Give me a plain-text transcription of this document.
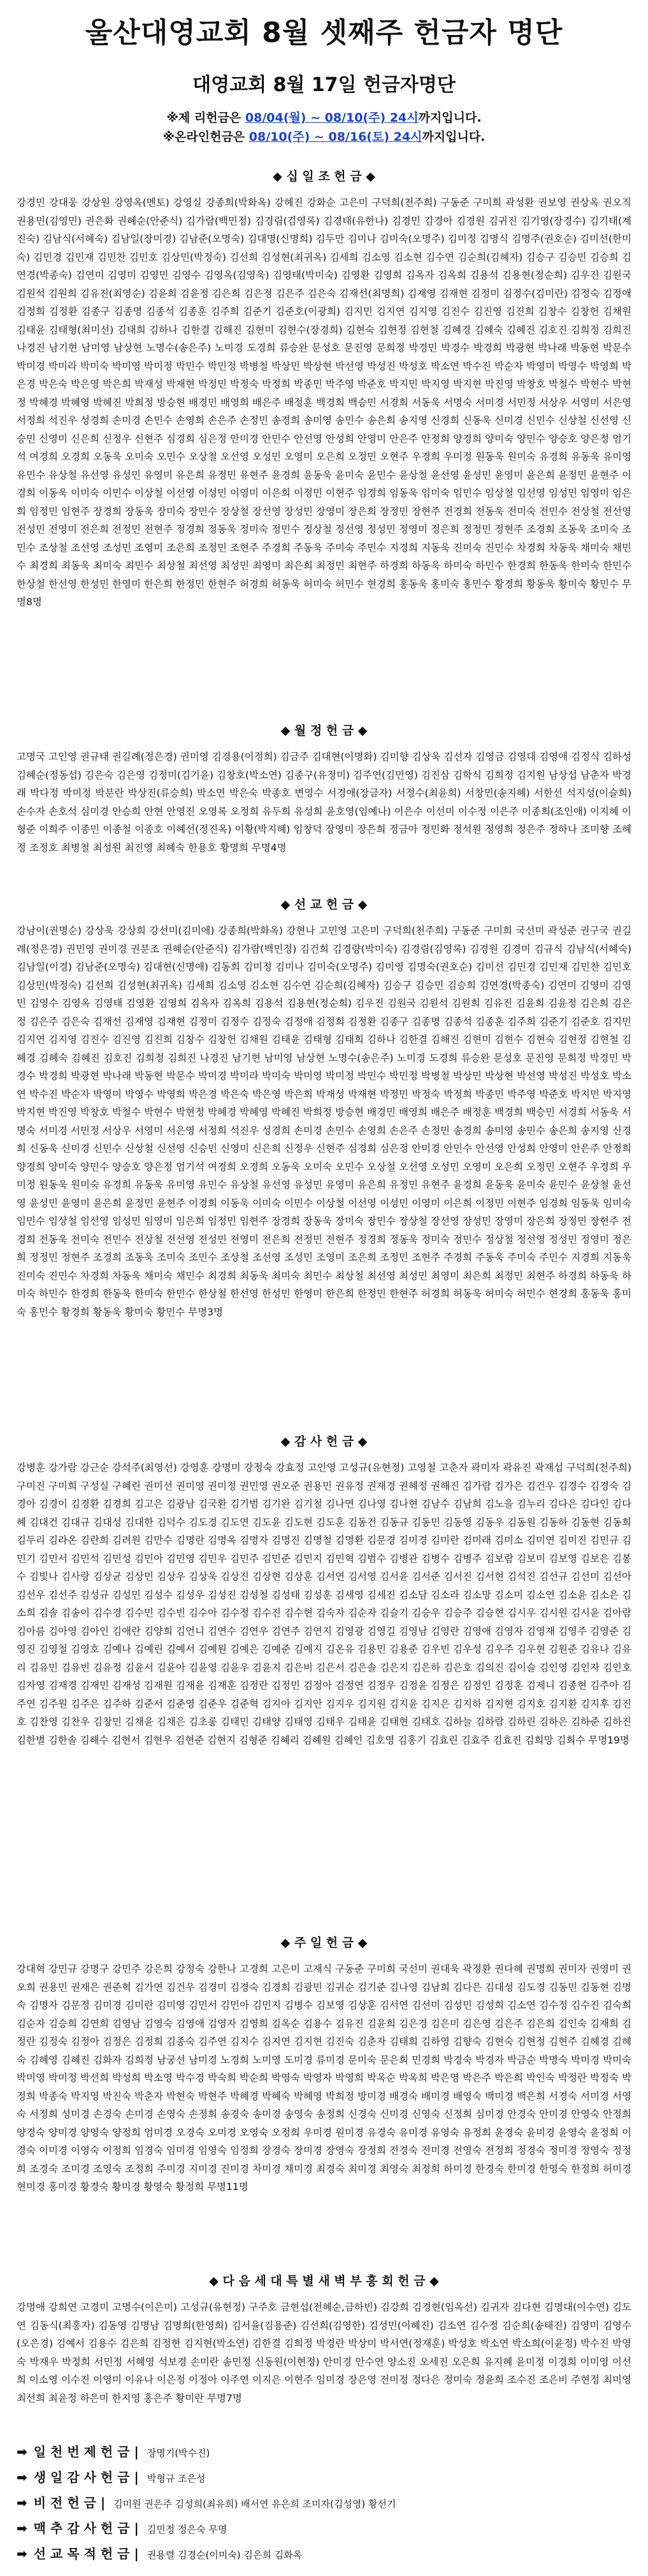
울산대영교회 8월 셋째주 헌금자 명단
대영교회 8월 17일 헌금자명단
※제 리헌금은 08/04(월) ~ 08/10(주) 24시까지입니다.
※온라인헌금은 08/10(주) ~ 08/16(토) 24시까지입니다.
◆ 십 일 조 헌 금 ◆
강경민 강대웅 강상원 강영옥(멘토) 강영실 강종희(박화옥) 강혜진 강화순 고은미 구덕희(천주희) 구동준 구미희 곽성환 권보영 권상옥 권오직 권용민(김영민) 권은화 권혜순(안준식) 김가람(백민정) 김경림(김영록) 김경태(유한나) 김경민 김경아 김경원 김귀진 김기영(장경수) 김기태(계진숙) 김남식(서혜숙) 김남일(장미경) 김남준(오명숙) 김대명(신명희) 김두만 김미나 김미숙(오명주) 김미정 김명식 김명주(권호순) 김미선(한미숙) 김민경 김민재 김민찬 김민호 김상민(박정숙) 김선희 김성현(최귀옥) 김세희 김소영 김소현 김수연 김순희(김혜자) 김승구 김승민 김승희 김연경(박종숙) 김연미 김영미 김영민 김영수 김영옥(김영욱) 김영태(박미숙) 김영환 김영희 김옥자 김옥희 김용석 김용현(정순희) 김우진 김원국 김원석 김원희 김유진(최영순) 김윤희 김윤정 김은희 김은정 김은주 김은숙 김재선(최명희) 김재영 김재현 김정미 김정수(김미란) 김정숙 김정애 김정희 김정환 김종구 김종명 김종석 김종훈 김주희 김준기 김준호(이광희) 김지민 김지연 김지영 김진수 김진영 김진희 김창수 김창헌 김채원 김태윤 김태형(최미선) 김태희 김하나 김한결 김해진 김현미 김현수(장경희) 김현숙 김현정 김현철 김혜경 김혜숙 김혜진 김호진 김희정 김희진 나경진 남기현 남미영 남상현 노명수(송은주) 노미경 도경희 류승완 문성호 문진영 문희정 박경민 박경수 박경희 박광현 박나래 박동현 박문수 박미경 박미라 박미숙 박미영 박미정 박민수 박민정 박병철 박상민 박상현 박선영 박성진 박성호 박소연 박수진 박순자 박영미 박영수 박영희 박은경 박은숙 박은영 박은희 박재성 박재현 박정민 박정숙 박정희 박종민 박주영 박준호 박지민 박지영 박지현 박진영 박창호 박철수 박현수 박현정 박혜경 박혜영 박혜진 박희정 방승현 배경민 배영희 배은주 배정훈 백경희 백승민 서경희 서동욱 서명숙 서미경 서민정 서상우 서영미 서은영 서정희 석진우 성경희 손미경 손민수 손영희 손은주 손정민 송경희 송미영 송민수 송은희 송지영 신경희 신동욱 신미경 신민수 신상철 신선영 신승민 신영미 신은희 신정우 신현주 심경희 심은정 안미경 안민수 안선영 안성희 안영미 안은주 안정희 양경희 양미숙 양민수 양승호 양은정 엄기석 여경희 오경희 오동욱 오미숙 오민수 오상철 오선영 오성민 오영미 오은희 오정민 오현주 우경희 우미정 원동욱 원미숙 유경희 유동욱 유미영 유민수 유상철 유선영 유성민 유영미 유은희 유정민 유현주 윤경희 윤동욱 윤미숙 윤민수 윤상철 윤선영 윤성민 윤영미 윤은희 윤정민 윤현주 이경희 이동욱 이미숙 이민수 이상철 이선영 이성민 이영미 이은희 이정민 이현주 임경희 임동욱 임미숙 임민수 임상철 임선영 임성민 임영미 임은희 임정민 임현주 장경희 장동욱 장미숙 장민수 장상철 장선영 장성민 장영미 장은희 장정민 장현주 전경희 전동욱 전미숙 전민수 전상철 전선영 전성민 전영미 전은희 전정민 전현주 정경희 정동욱 정미숙 정민수 정상철 정선영 정성민 정영미 정은희 정정민 정현주 조경희 조동욱 조미숙 조민수 조상철 조선영 조성민 조영미 조은희 조정민 조현주 주경희 주동욱 주미숙 주민수 지경희 지동욱 진미숙 진민수 차경희 차동욱 채미숙 채민수 최경희 최동욱 최미숙 최민수 최상철 최선영 최성민 최영미 최은희 최정민 최현주 하경희 하동욱 하미숙 하민수 한경희 한동욱 한미숙 한민수 한상철 한선영 한성민 한영미 한은희 한정민 한현주 허경희 허동욱 허미숙 허민수 현경희 홍동욱 홍미숙 홍민수 황경희 황동욱 황미숙 황민수 무명8명
◆ 월 정 헌 금 ◆
고명국 고인영 권규태 권길례(정은경) 권미영 김경용(이정희) 김금주 김대현(이명화) 김미향 김상욱 김선자 김영금 김영대 김영애 김정식 김하성 김혜순(정동섭) 김은숙 김은영 김정미(김기윤) 김창호(박소연) 김종구(유정미) 김주연(김민영) 김진삼 김학식 김희정 김지원 남상섭 남춘자 박경래 박다정 박미정 박분란 박상진(류승희) 박소연 박은숙 박종호 변영수 서경애(장금자) 서정수(최윤희) 서창민(송지혜) 서한선 석지성(이슬희) 손수자 손호석 심미경 안승희 안현 안영진 오영록 오정희 유두희 유성희 윤호영(임예나) 이은수 이선미 이수정 이은주 이종희(조인애) 이지혜 이형준 이희주 이종민 이종철 이종호 이혜선(정진옥) 이황(박지혜) 임창덕 장영미 장은희 정금아 정민화 정석원 정영희 정은주 정하나 조미향 조혜정 조정호 최병철 최성원 최진영 최혜숙 한용호 황명희 무명4명
◆ 선 교 헌 금 ◆
강남이(권명순) 강상욱 강상희 강선미(김미애) 강종희(박화옥) 강현나 고민영 고은미 구덕희(천주희) 구동준 구미희 국선미 곽성준 권구국 권길례(정은경) 권민영 권미경 권분조 권혜순(안준식) 김가람(백민정) 김건희 김경량(박미숙) 김경림(김영록) 김경원 김경미 김규식 김남식(서혜숙) 김남일(이경) 김남준(오명숙) 김대현(신명애) 김동희 김미정 김미나 김미숙(오명주) 김미영 김명숙(권호순) 김미선 김민경 김민재 김민찬 김민호 김상민(박정숙) 김선희 김성현(최귀옥) 김세희 김소영 김소현 김수연 김순희(김혜자) 김승구 김승민 김승희 김연경(박종숙) 김연미 김영미 김영민 김영수 김영옥 김영태 김영환 김영희 김옥자 김옥희 김용석 김용현(정순희) 김우진 김원국 김원석 김원희 김유진 김윤희 김윤정 김은희 김은정 김은주 김은숙 김재선 김재영 김재현 김정미 김정수 김정숙 김정애 김정희 김정환 김종구 김종명 김종석 김종훈 김주희 김준기 김준호 김지민 김지연 김지영 김진수 김진영 김진희 김창수 김창헌 김채원 김태윤 김태형 김태희 김하나 김한결 김해진 김현미 김현수 김현숙 김현정 김현철 김혜경 김혜숙 김혜진 김호진 김희정 김희진 나경진 남기현 남미영 남상현 노명수(송은주) 노미경 도경희 류승완 문성호 문진영 문희정 박경민 박경수 박경희 박광현 박나래 박동현 박문수 박미경 박미라 박미숙 박미영 박미정 박민수 박민정 박병철 박상민 박상현 박선영 박성진 박성호 박소연 박수진 박순자 박영미 박영수 박영희 박은경 박은숙 박은영 박은희 박재성 박재현 박정민 박정숙 박정희 박종민 박주영 박준호 박지민 박지영 박지현 박진영 박창호 박철수 박현수 박현정 박혜경 박혜영 박혜진 박희정 방승현 배경민 배영희 배은주 배정훈 백경희 백승민 서경희 서동욱 서명숙 서미경 서민정 서상우 서영미 서은영 서정희 석진우 성경희 손미경 손민수 손영희 손은주 손정민 송경희 송미영 송민수 송은희 송지영 신경희 신동욱 신미경 신민수 신상철 신선영 신승민 신영미 신은희 신정우 신현주 심경희 심은정 안미경 안민수 안선영 안성희 안영미 안은주 안정희 양경희 양미숙 양민수 양승호 양은정 엄기석 여경희 오경희 오동욱 오미숙 오민수 오상철 오선영 오성민 오영미 오은희 오정민 오현주 우경희 우미정 원동욱 원미숙 유경희 유동욱 유미영 유민수 유상철 유선영 유성민 유영미 유은희 유정민 유현주 윤경희 윤동욱 윤미숙 윤민수 윤상철 윤선영 윤성민 윤영미 윤은희 윤정민 윤현주 이경희 이동욱 이미숙 이민수 이상철 이선영 이성민 이영미 이은희 이정민 이현주 임경희 임동욱 임미숙 임민수 임상철 임선영 임성민 임영미 임은희 임정민 임현주 장경희 장동욱 장미숙 장민수 장상철 장선영 장성민 장영미 장은희 장정민 장현주 전경희 전동욱 전미숙 전민수 전상철 전선영 전성민 전영미 전은희 전정민 전현주 정경희 정동욱 정미숙 정민수 정상철 정선영 정성민 정영미 정은희 정정민 정현주 조경희 조동욱 조미숙 조민수 조상철 조선영 조성민 조영미 조은희 조정민 조현주 주경희 주동욱 주미숙 주민수 지경희 지동욱 진미숙 진민수 차경희 차동욱 채미숙 채민수 최경희 최동욱 최미숙 최민수 최상철 최선영 최성민 최영미 최은희 최정민 최현주 하경희 하동욱 하미숙 하민수 한경희 한동욱 한미숙 한민수 한상철 한선영 한성민 한영미 한은희 한정민 한현주 허경희 허동욱 허미숙 허민수 현경희 홍동욱 홍미숙 홍민수 황경희 황동욱 황미숙 황민수 무명3명
◆ 감 사 헌 금 ◆
강병훈 강가람 강근순 강석주(최영선) 강영훈 강명미 강정숙 강효정 고인영 고성규(유현정) 고영철 고춘자 곽미자 곽유진 곽재섭 구덕희(천주희) 구미진 구미희 구성실 구혜린 권미선 권미영 권미정 권민영 권오준 권용민 권유정 권재경 권혜정 권해진 김가람 김가은 김건우 김경수 김경숙 김경아 김경이 김경환 김경희 김고은 김광남 김국환 김기범 김기완 김기철 김나연 김나영 김나현 김남수 김남희 김노을 김누리 김다은 김다인 김다혜 김대건 김대규 김대성 김대한 김덕수 김도경 김도연 김도윤 김도현 김도훈 김동건 김동규 김동민 김동영 김동우 김동원 김동하 김동현 김동희 김두리 김라온 김란희 김려원 김만수 김명란 김명옥 김명자 김명진 김명철 김명환 김문경 김미경 김미란 김미래 김미소 김미연 김미진 김민규 김민기 김민서 김민석 김민성 김민아 김민영 김민우 김민주 김민준 김민지 김민혁 김범수 김병관 김병수 김병주 김보람 김보미 김보영 김보은 김봉수 김빛나 김사랑 김상균 김상민 김상우 김상욱 김상진 김상현 김상훈 김서연 김서영 김서윤 김서준 김서진 김서현 김석진 김선규 김선미 김선아 김선우 김선주 김성규 김성민 김성수 김성우 김성진 김성철 김성태 김성훈 김세영 김세진 김소담 김소라 김소망 김소미 김소연 김소윤 김소은 김소희 김솔 김송이 김수경 김수민 김수빈 김수아 김수정 김수진 김수현 김숙자 김순자 김슬기 김승우 김승주 김승현 김시우 김시원 김시윤 김아람 김아름 김아영 김아인 김애란 김양희 김언니 김연수 김연우 김연주 김연지 김영광 김영길 김영남 김영란 김영애 김영자 김영재 김영주 김영준 김영진 김영철 김영호 김예나 김예린 김예서 김예원 김예은 김예준 김예지 김온유 김용민 김용준 김우빈 김우성 김우주 김우현 김원준 김유나 김유리 김유민 김유빈 김유정 김윤서 김윤아 김윤영 김윤우 김윤지 김은비 김은서 김은솔 김은지 김은하 김은호 김의진 김이슬 김인영 김인자 김인호 김자영 김재경 김재민 김재성 김재원 김재윤 김재훈 김정란 김정민 김정아 김정연 김정우 김정윤 김정은 김정인 김정훈 김제니 김종현 김주아 김주연 김주원 김주은 김주하 김준서 김준영 김준우 김준혁 김지아 김지안 김지우 김지원 김지윤 김지은 김지하 김지현 김지호 김지환 김지후 김진호 김찬영 김찬우 김창민 김채윤 김채은 김초롱 김태민 김태양 김태영 김태우 김태윤 김태현 김태호 김하늘 김하람 김하린 김하은 김하준 김하진 김한별 김한솔 김해수 김현서 김현우 김현준 김현지 김형준 김혜리 김혜원 김혜인 김호영 김홍기 김효린 김효주 김효진 김희망 김희수 무명19명
◆ 주 일 헌 금 ◆
강대혁 강민규 강명구 강민주 강은희 강정숙 강한나 고경희 고은미 고재식 구동준 구미희 국선미 권대욱 곽정환 권다혜 권명희 권미자 권영미 권오희 권용민 권재은 권준혁 김가연 김건우 김경미 김경숙 김경희 김광민 김귀순 김기준 김나영 김남희 김다은 김대성 김도경 김동민 김동현 김명숙 김명자 김문정 김미경 김미란 김미영 김민서 김민아 김민지 김병수 김보영 김상훈 김서연 김선미 김성민 김성희 김소연 김수정 김수진 김숙희 김순자 김승희 김연희 김영남 김영숙 김영애 김영자 김영희 김옥순 김용수 김유진 김윤희 김은경 김은미 김은영 김은주 김은희 김인숙 김재희 김정란 김정숙 김정아 김정은 김정희 김종숙 김주연 김지수 김지연 김지현 김진숙 김춘자 김태희 김하영 김향숙 김현숙 김현정 김현주 김혜경 김혜숙 김혜영 김혜진 김화자 김희정 남궁선 남미경 노경희 노미영 도미경 류미경 문미숙 문은희 민경희 박경숙 박경자 박금순 박명숙 박미경 박미숙 박미영 박미정 박선희 박성희 박소영 박수경 박숙희 박순희 박영숙 박영자 박영희 박옥순 박옥희 박은영 박은주 박은희 박인숙 박정란 박정숙 박정희 박종숙 박지영 박진숙 박춘자 박현숙 박현주 박혜경 박혜숙 박혜영 박희정 방미경 배경숙 배미경 배영숙 백미경 백은희 서경숙 서미경 서영숙 서정희 성미경 손경숙 손미경 손영숙 손정희 송경숙 송미경 송영숙 송정희 신경숙 신미경 신영숙 신정희 심미경 안경숙 안미경 안영숙 안정희 양경숙 양미경 양영숙 양정희 엄미경 오경숙 오미경 오영숙 오정희 우미경 원미경 유경숙 유미경 유영숙 유정희 윤경숙 윤미경 윤영숙 윤정희 이경숙 이미경 이영숙 이정희 임경숙 임미경 임영숙 임정희 장경숙 장미경 장영숙 장정희 전경숙 전미경 전영숙 전정희 정경숙 정미경 정영숙 정정희 조경숙 조미경 조영숙 조정희 주미경 지미경 진미경 차미경 채미경 최경숙 최미경 최영숙 최정희 하미경 한경숙 한미경 한영숙 한정희 허미경 현미경 홍미경 황경숙 황미경 황영숙 황정희 무명11명
◆ 다 음 세 대 특 별 새 벽 부 흥 회 헌 금 ◆
강명애 강희연 고경미 고명수(이은미) 고성규(유현정) 구주호 금현섭(전혜순,금하빈) 김강희 김경현(임옥선) 김귀자 김다현 김명대(이수연) 김도연 김동식(최홍자) 김동영 김명남 김명희(한영희) 김서율(김용준) 김선희(김영한) 김성민(이혜진) 김소연 김수정 김순희(송태진) 김영미 김영수(오은경) 김예서 김용수 김은희 김정현 김지현(박소연) 김한결 김희정 박경란 박상미 박서연(정재훈) 박성호 박소연 박소희(이윤정) 박수진 박영숙 박재우 박정희 서민정 서혜영 석보경 손미란 송민정 신동원(이현정) 안미경 안수연 양소진 오세진 오은희 유지혜 윤미정 이경희 이미영 이선희 이소영 이수진 이영미 이유나 이은정 이정아 이주연 이지은 이현주 임미경 장은영 전미정 정다은 정미숙 정윤희 조수진 조은비 주현정 최미영 최선희 최윤정 하은미 한지영 홍은주 황미란 무명7명
➡ 일 천 번 제 헌 금 | 장명기(박수진)
➡ 생 일 감 사 헌 금 | 박형규 조은성
➡ 비 전 헌 금 | 김미원 권은주 김성희(최유희) 배서연 유은희 조미자(김성영) 황선기
➡ 맥 추 감 사 헌 금 | 김민정 정은숙 무명
➡ 선 교 목 적 헌 금 | 권용렬 김경순(이미숙) 김은희 김화옥
